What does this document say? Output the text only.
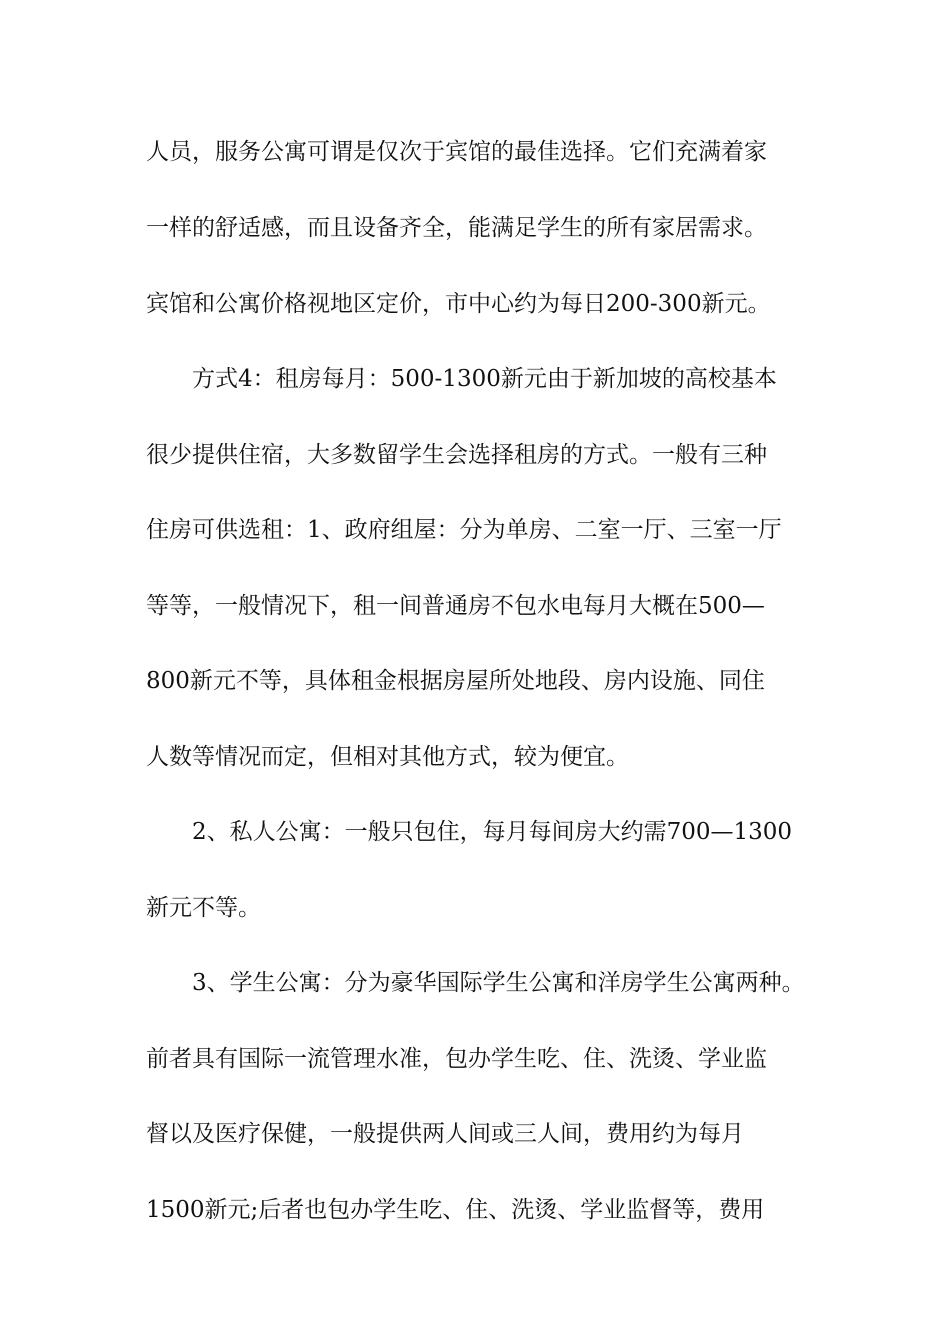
人员，服务公寓可谓是仅次于宾馆的最佳选择。它们充满着家
一样的舒适感，而且设备齐全，能满足学生的所有家居需求。
宾馆和公寓价格视地区定价，市中心约为每日200-300新元。
方式4：租房每月：500-1300新元由于新加坡的高校基本
很少提供住宿，大多数留学生会选择租房的方式。一般有三种
住房可供选租：1、政府组屋：分为单房、二室一厅、三室一厅
等等，一般情况下，租一间普通房不包水电每月大概在500—
800新元不等，具体租金根据房屋所处地段、房内设施、同住
人数等情况而定，但相对其他方式，较为便宜。
2、私人公寓：一般只包住，每月每间房大约需700—1300
新元不等。
3、学生公寓：分为豪华国际学生公寓和洋房学生公寓两种。
前者具有国际一流管理水准，包办学生吃、住、洗烫、学业监
督以及医疗保健，一般提供两人间或三人间，费用约为每月
1500新元;后者也包办学生吃、住、洗烫、学业监督等，费用
